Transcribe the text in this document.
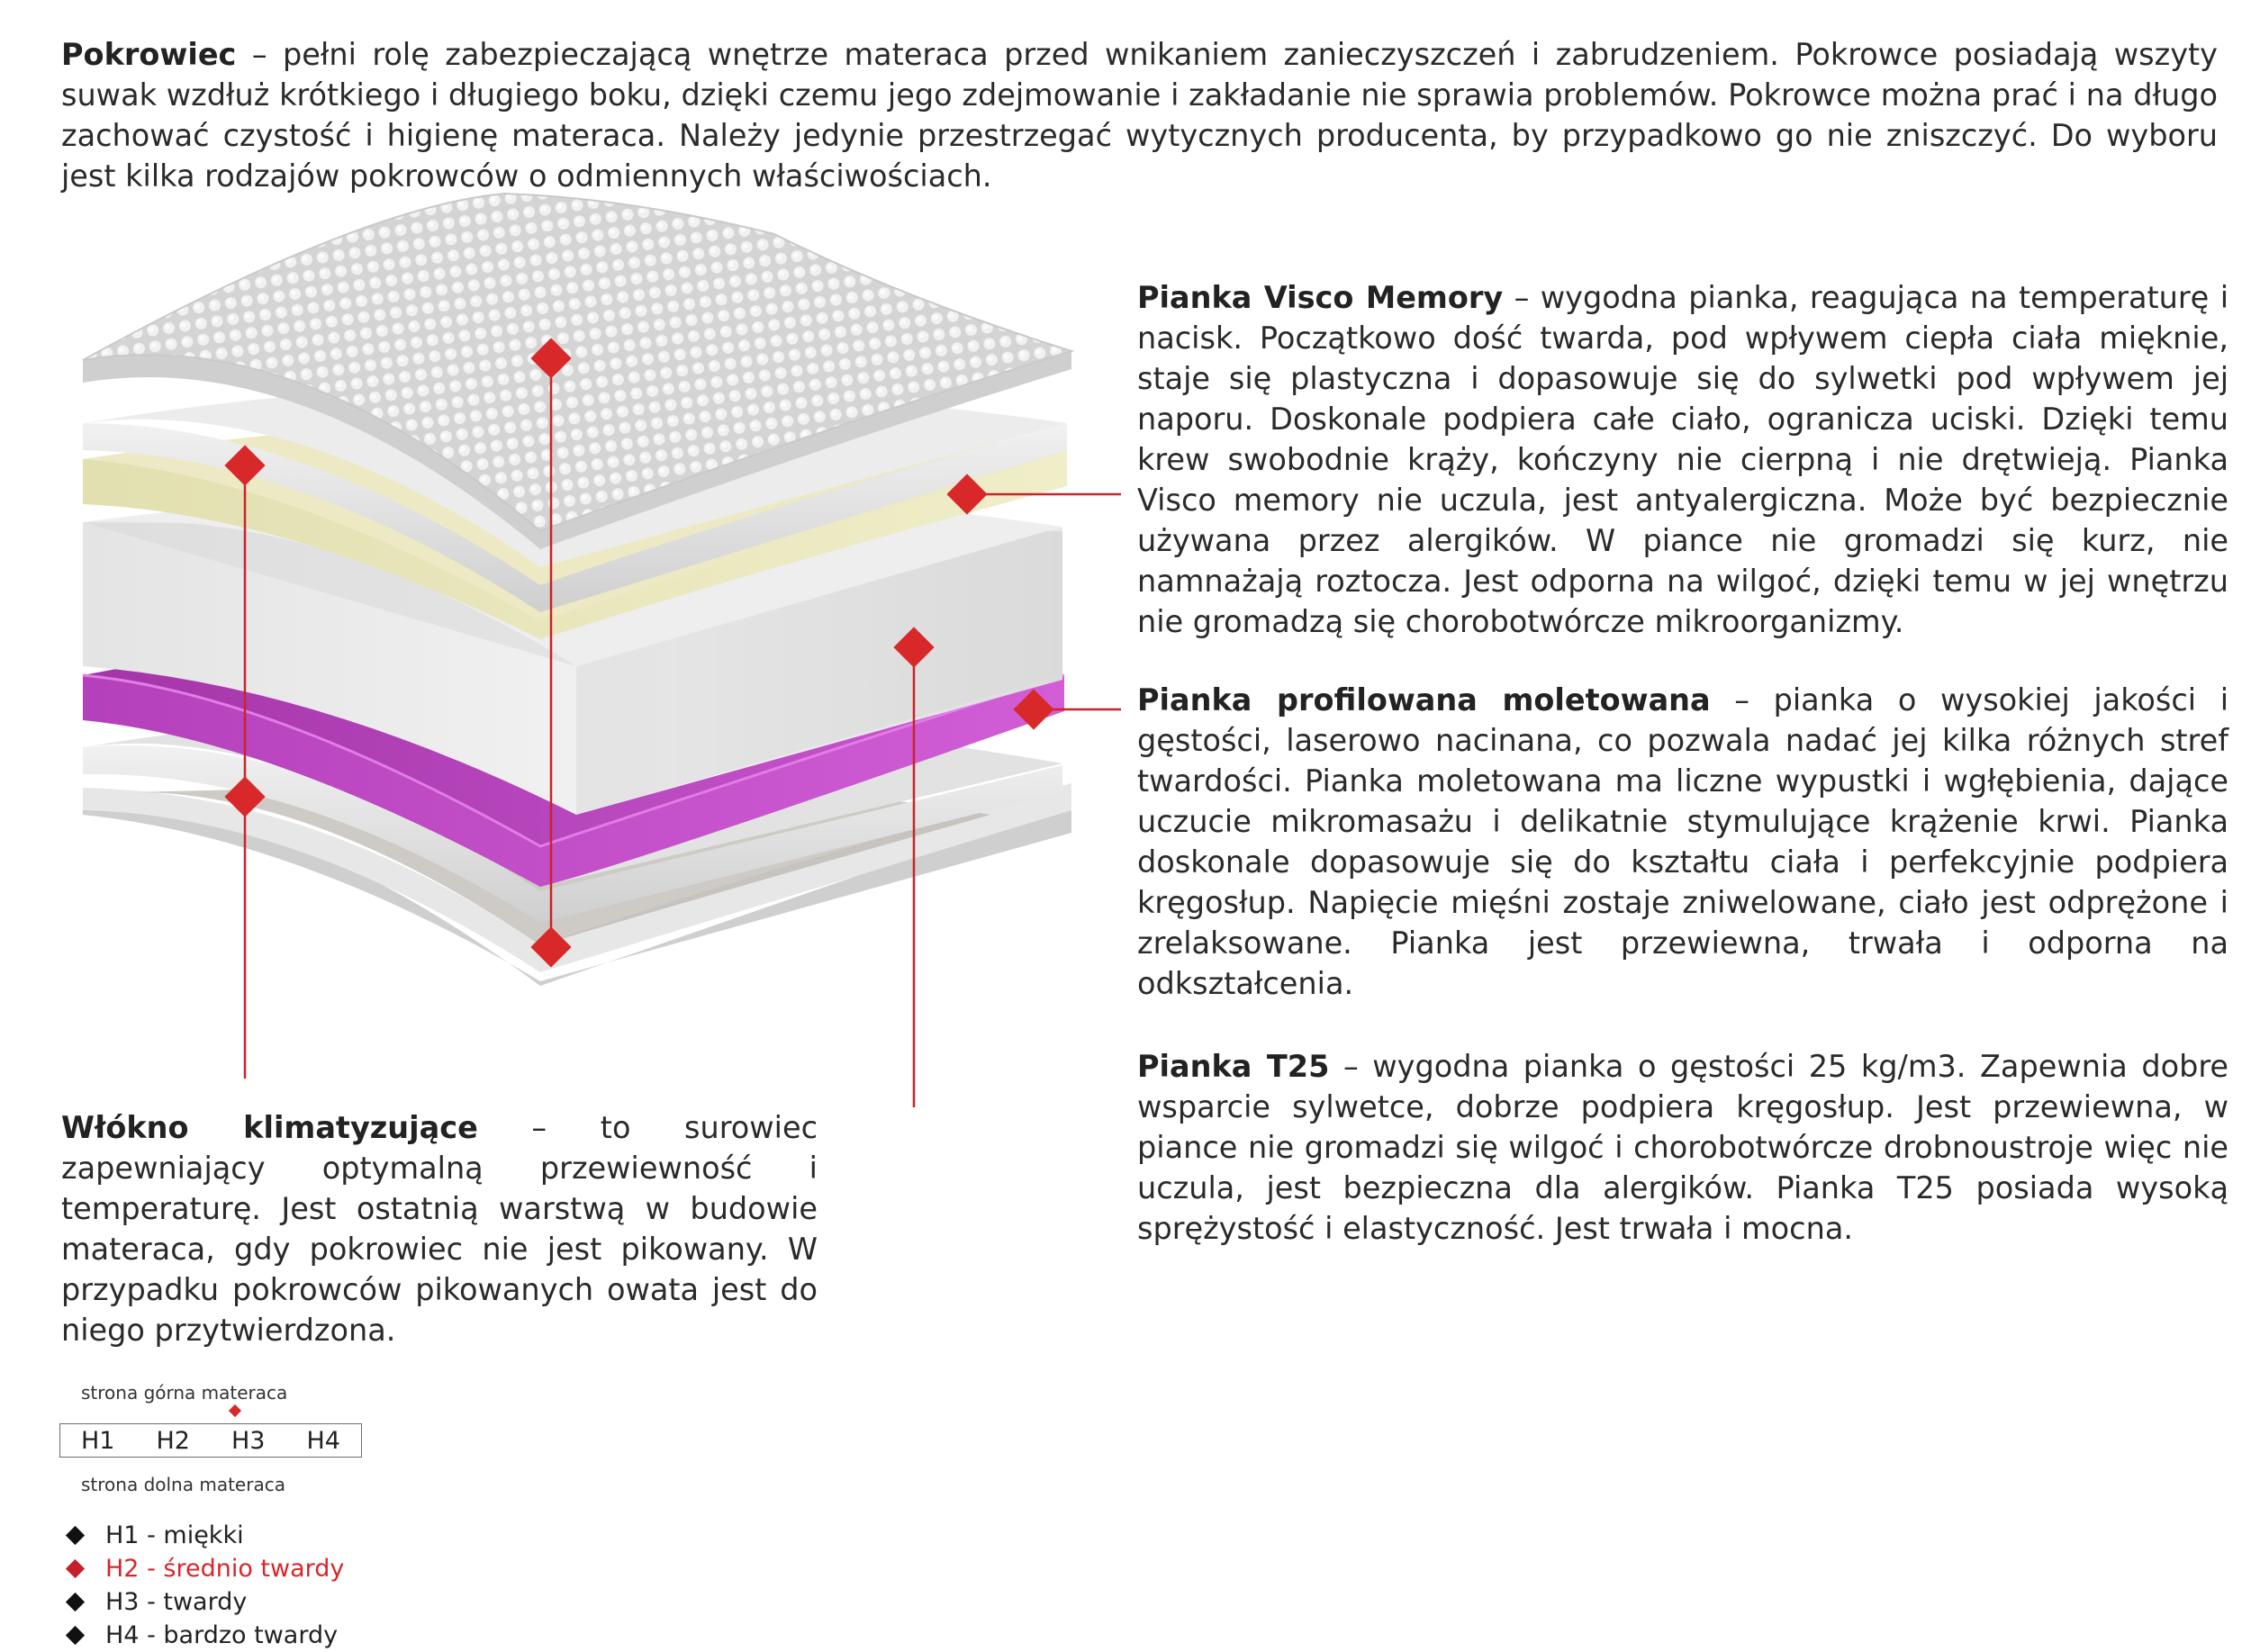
Pokrowiec – pełni rolę zabezpieczającą wnętrze materaca przed wnikaniem zanieczyszczeń i zabrudzeniem. Pokrowce posiadają wszyty suwak wzdłuż krótkiego i długiego boku, dzięki czemu jego zdejmowanie i zakładanie nie sprawia problemów. Pokrowce można prać i na długo zachować czystość i higienę materaca. Należy jedynie przestrzegać wytycznych producenta, by przypadkowo go nie zniszczyć. Do wyboru jest kilka rodzajów pokrowców o odmiennych właściwościach.

Pianka Visco Memory – wygodna pianka, reagująca na temperaturę i nacisk. Początkowo dość twarda, pod wpływem ciepła ciała mięknie, staje się plastyczna i dopasowuje się do sylwetki pod wpływem jej naporu. Doskonale podpiera całe ciało, ogranicza uciski. Dzięki temu krew swobodnie krąży, kończyny nie cierpną i nie drętwieją. Pianka Visco memory nie uczula, jest antyalergiczna. Może być bezpiecznie używana przez alergików. W piance nie gromadzi się kurz, nie namnażają roztocza. Jest odporna na wilgoć, dzięki temu w jej wnętrzu nie gromadzą się chorobotwórcze mikroorganizmy.

Pianka profilowana moletowana – pianka o wysokiej jakości i gęstości, laserowo nacinana, co pozwala nadać jej kilka różnych stref twardości. Pianka moletowana ma liczne wypustki i wgłębienia, dające uczucie mikromasażu i delikatnie stymulujące krążenie krwi. Pianka doskonale dopasowuje się do kształtu ciała i perfekcyjnie podpiera kręgosłup. Napięcie mięśni zostaje zniwelowane, ciało jest odprężone i zrelaksowane. Pianka jest przewiewna, trwała i odporna na odkształcenia.

Pianka T25 – wygodna pianka o gęstości 25 kg/m3. Zapewnia dobre wsparcie sylwetce, dobrze podpiera kręgosłup. Jest przewiewna, w piance nie gromadzi się wilgoć i chorobotwórcze drobnoustroje więc nie uczula, jest bezpieczna dla alergików. Pianka T25 posiada wysoką sprężystość i elastyczność. Jest trwała i mocna.

Włókno klimatyzujące – to surowiec zapewniający optymalną przewiewność i temperaturę. Jest ostatnią warstwą w budowie materaca, gdy pokrowiec nie jest pikowany. W przypadku pokrowców pikowanych owata jest do niego przytwierdzona.

strona górna materaca
H1 H2 H3 H4
strona dolna materaca
H1 - miękki
H2 - średnio twardy
H3 - twardy
H4 - bardzo twardy
